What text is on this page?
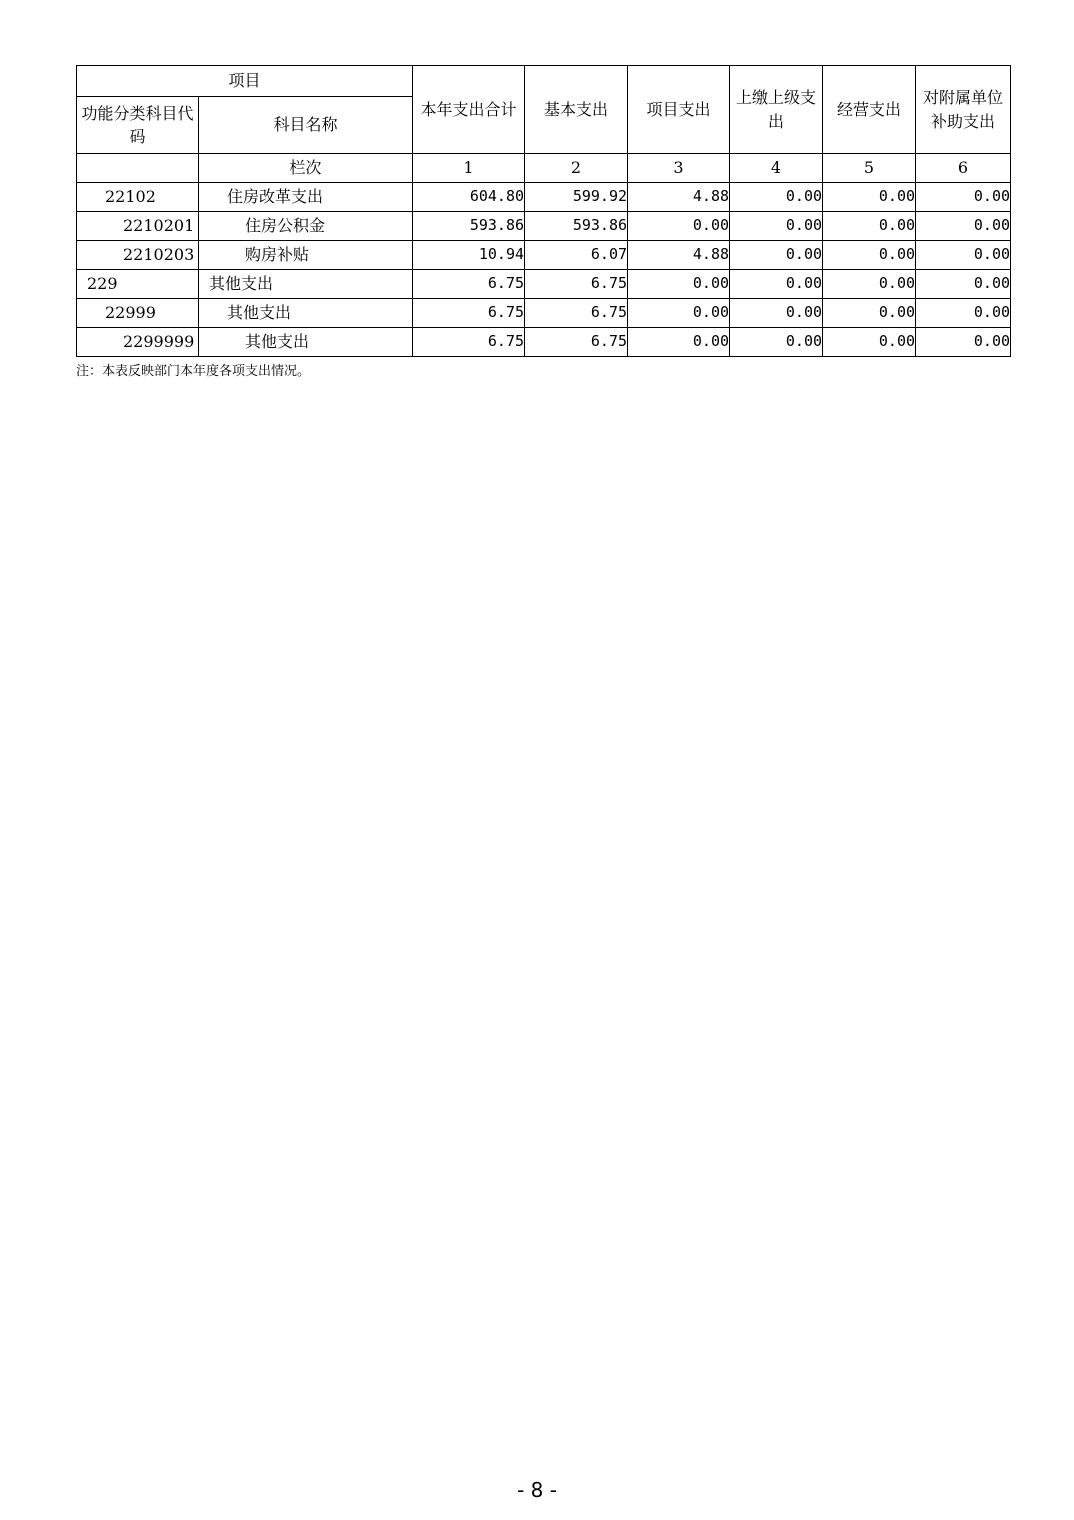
项目		本年支出合计	基本支出	项目支出	上缴上级支出	经营支出	对附属单位补助支出
功能分类科目代码	科目名称						
	栏次	1	2	3	4	5	6
22102	住房改革支出	604.80	599.92	4.88	0.00	0.00	0.00
2210201	住房公积金	593.86	593.86	0.00	0.00	0.00	0.00
2210203	购房补贴	10.94	6.07	4.88	0.00	0.00	0.00
229	其他支出	6.75	6.75	0.00	0.00	0.00	0.00
22999	其他支出	6.75	6.75	0.00	0.00	0.00	0.00
2299999	其他支出	6.75	6.75	0.00	0.00	0.00	0.00
注：本表反映部门本年度各项支出情况。
- 8 -
